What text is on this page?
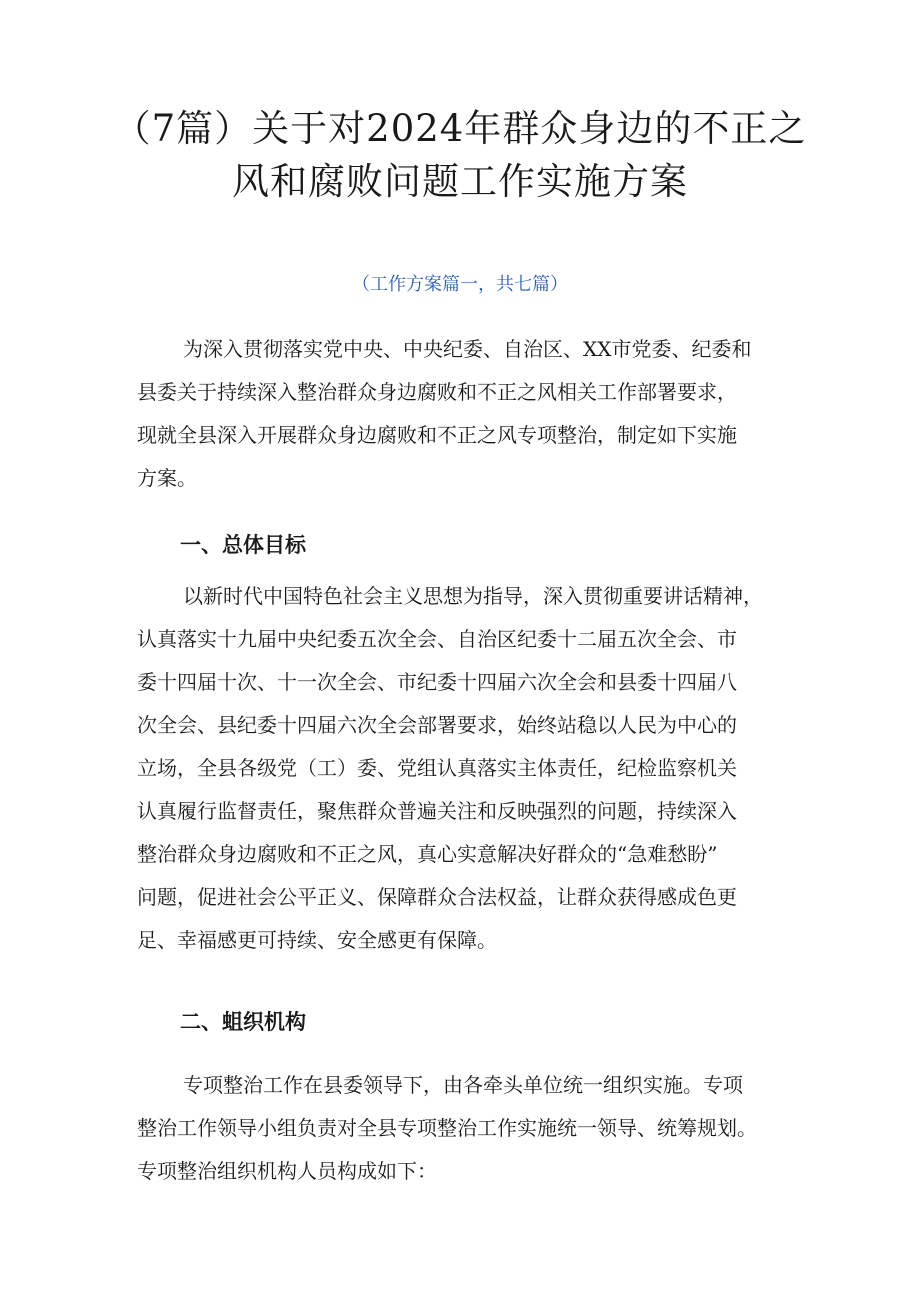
（7篇）关于对2024年群众身边的不正之
风和腐败问题工作实施方案

（工作方案篇一，共七篇）

为深入贯彻落实党中央、中央纪委、自治区、XX市党委、纪委和
县委关于持续深入整治群众身边腐败和不正之风相关工作部署要求，
现就全县深入开展群众身边腐败和不正之风专项整治，制定如下实施
方案。
一、总体目标
以新时代中国特色社会主义思想为指导，深入贯彻重要讲话精神，
认真落实十九届中央纪委五次全会、自治区纪委十二届五次全会、市
委十四届十次、十一次全会、市纪委十四届六次全会和县委十四届八
次全会、县纪委十四届六次全会部署要求，始终站稳以人民为中心的
立场，全县各级党（工）委、党组认真落实主体责任，纪检监察机关
认真履行监督责任，聚焦群众普遍关注和反映强烈的问题，持续深入
整治群众身边腐败和不正之风，真心实意解决好群众的“急难愁盼”
问题，促进社会公平正义、保障群众合法权益，让群众获得感成色更
足、幸福感更可持续、安全感更有保障。
二、蛆织机构
专项整治工作在县委领导下，由各牵头单位统一组织实施。专项
整治工作领导小组负责对全县专项整治工作实施统一领导、统筹规划。
专项整治组织机构人员构成如下：
